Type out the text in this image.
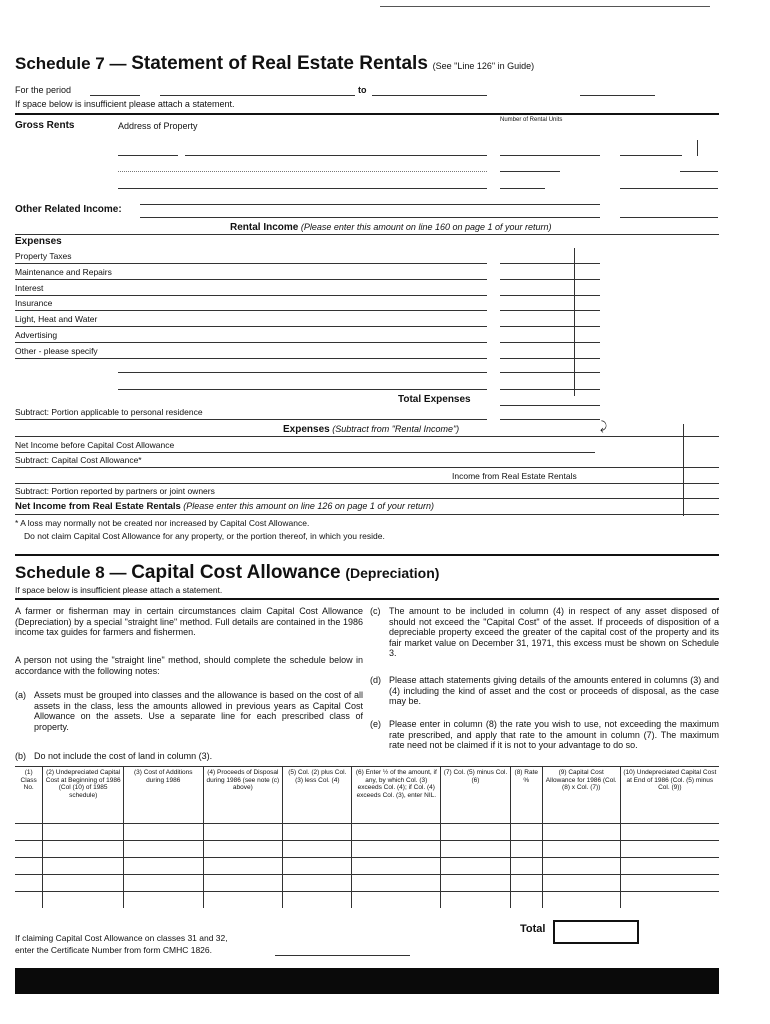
Schedule 7 — Statement of Real Estate Rentals (See "Line 126" in Guide)
For the period	to
If space below is insufficient please attach a statement.
Gross Rents	Address of Property
Number of Rental Units
Other Related Income:
Rental Income (Please enter this amount on line 160 on page 1 of your return)
Expenses
Property Taxes
Maintenance and Repairs
Interest
Insurance
Light, Heat and Water
Advertising
Other - please specify
Total Expenses
Subtract: Portion applicable to personal residence
Expenses (Subtract from "Rental Income")	⤸
Net Income before Capital Cost Allowance
Subtract: Capital Cost Allowance*
Income from Real Estate Rentals
Subtract: Portion reported by partners or joint owners
Net Income from Real Estate Rentals (Please enter this amount on line 126 on page 1 of your return)
* A loss may normally not be created nor increased by Capital Cost Allowance.
Do not claim Capital Cost Allowance for any property, or the portion thereof, in which you reside.
Schedule 8 — Capital Cost Allowance (Depreciation)
If space below is insufficient please attach a statement.
A farmer or fisherman may in certain circumstances claim Capital Cost Allowance (Depreciation) by a special "straight line" method. Full details are contained in the 1986 income tax guides for farmers and fishermen.
A person not using the "straight line" method, should complete the schedule below in accordance with the following notes:
(a) Assets must be grouped into classes and the allowance is based on the cost of all assets in the class, less the amounts allowed in previous years as Capital Cost Allowance on the assets. Use a separate line for each prescribed class of property.
(b) Do not include the cost of land in column (3).
(c) The amount to be included in column (4) in respect of any asset disposed of should not exceed the "Capital Cost" of the asset. If proceeds of disposition of a depreciable property exceed the greater of the capital cost of the property and its fair market value on December 31, 1971, this excess must be shown on Schedule 3.
(d) Please attach statements giving details of the amounts entered in columns (3) and (4) including the kind of asset and the cost or proceeds of disposal, as the case may be.
(e) Please enter in column (8) the rate you wish to use, not exceeding the maximum rate prescribed, and apply that rate to the amount in column (7). The maximum rate need not be claimed if it is not to your advantage to do so.
(1) Class No.	(2) Undepreciated Capital Cost at Beginning of 1986 (Col (10) of 1985 schedule)	(3) Cost of Additions during 1986	(4) Proceeds of Disposal during 1986 (see note (c) above)	(5) Col. (2) plus Col. (3) less Col. (4)	(6) Enter ½ of the amount, if any, by which Col. (3) exceeds Col. (4); if Col. (4) exceeds Col. (3), enter NIL.	(7) Col. (5) minus Col. (6)	(8) Rate %	(9) Capital Cost Allowance for 1986 (Col. (8) x Col. (7))	(10) Undepreciated Capital Cost at End of 1986 (Col. (5) minus Col. (9))

Total
If claiming Capital Cost Allowance on classes 31 and 32,
enter the Certificate Number from form CMHC 1826.
